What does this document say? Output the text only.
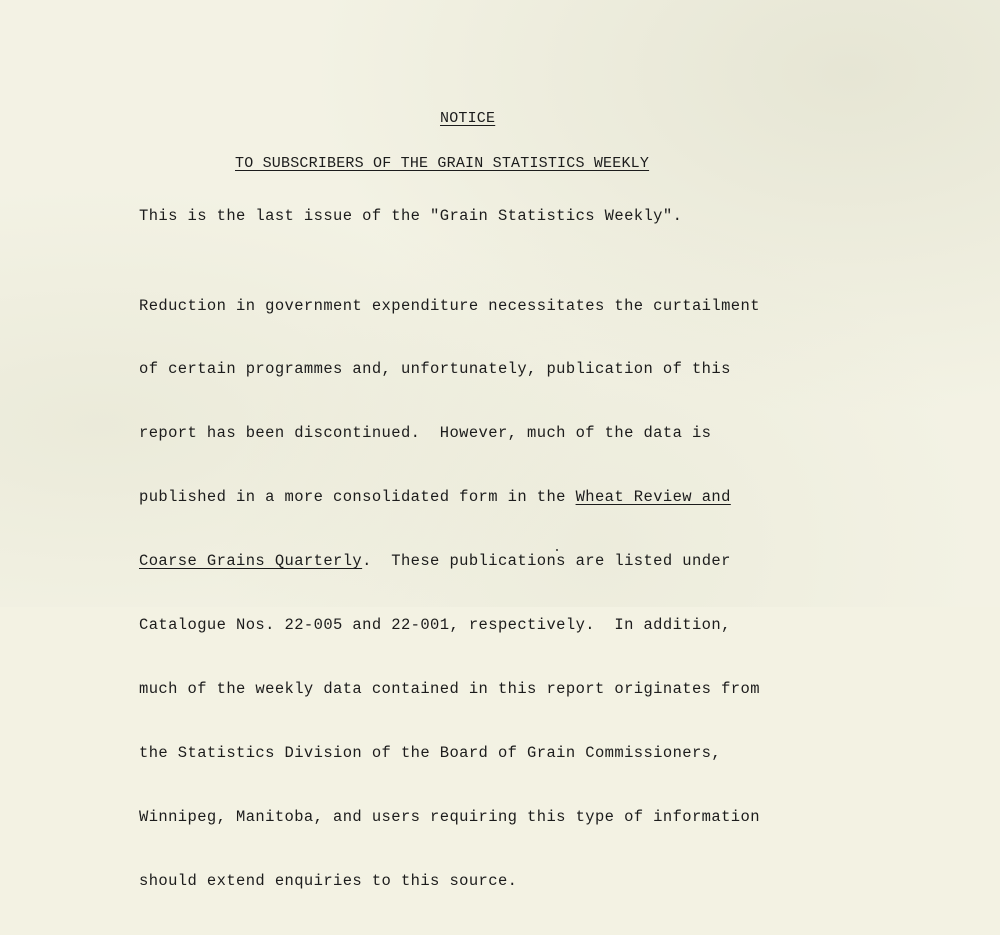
NOTICE
TO SUBSCRIBERS OF THE GRAIN STATISTICS WEEKLY
This is the last issue of the "Grain Statistics Weekly".

Reduction in government expenditure necessitates the curtailment

of certain programmes and, unfortunately, publication of this

report has been discontinued.  However, much of the data is

published in a more consolidated form in the Wheat Review and

Coarse Grains Quarterly.  These publications are listed under

Catalogue Nos. 22-005 and 22-001, respectively.  In addition,

much of the weekly data contained in this report originates from

the Statistics Division of the Board of Grain Commissioners,

Winnipeg, Manitoba, and users requiring this type of information

should extend enquiries to this source.
